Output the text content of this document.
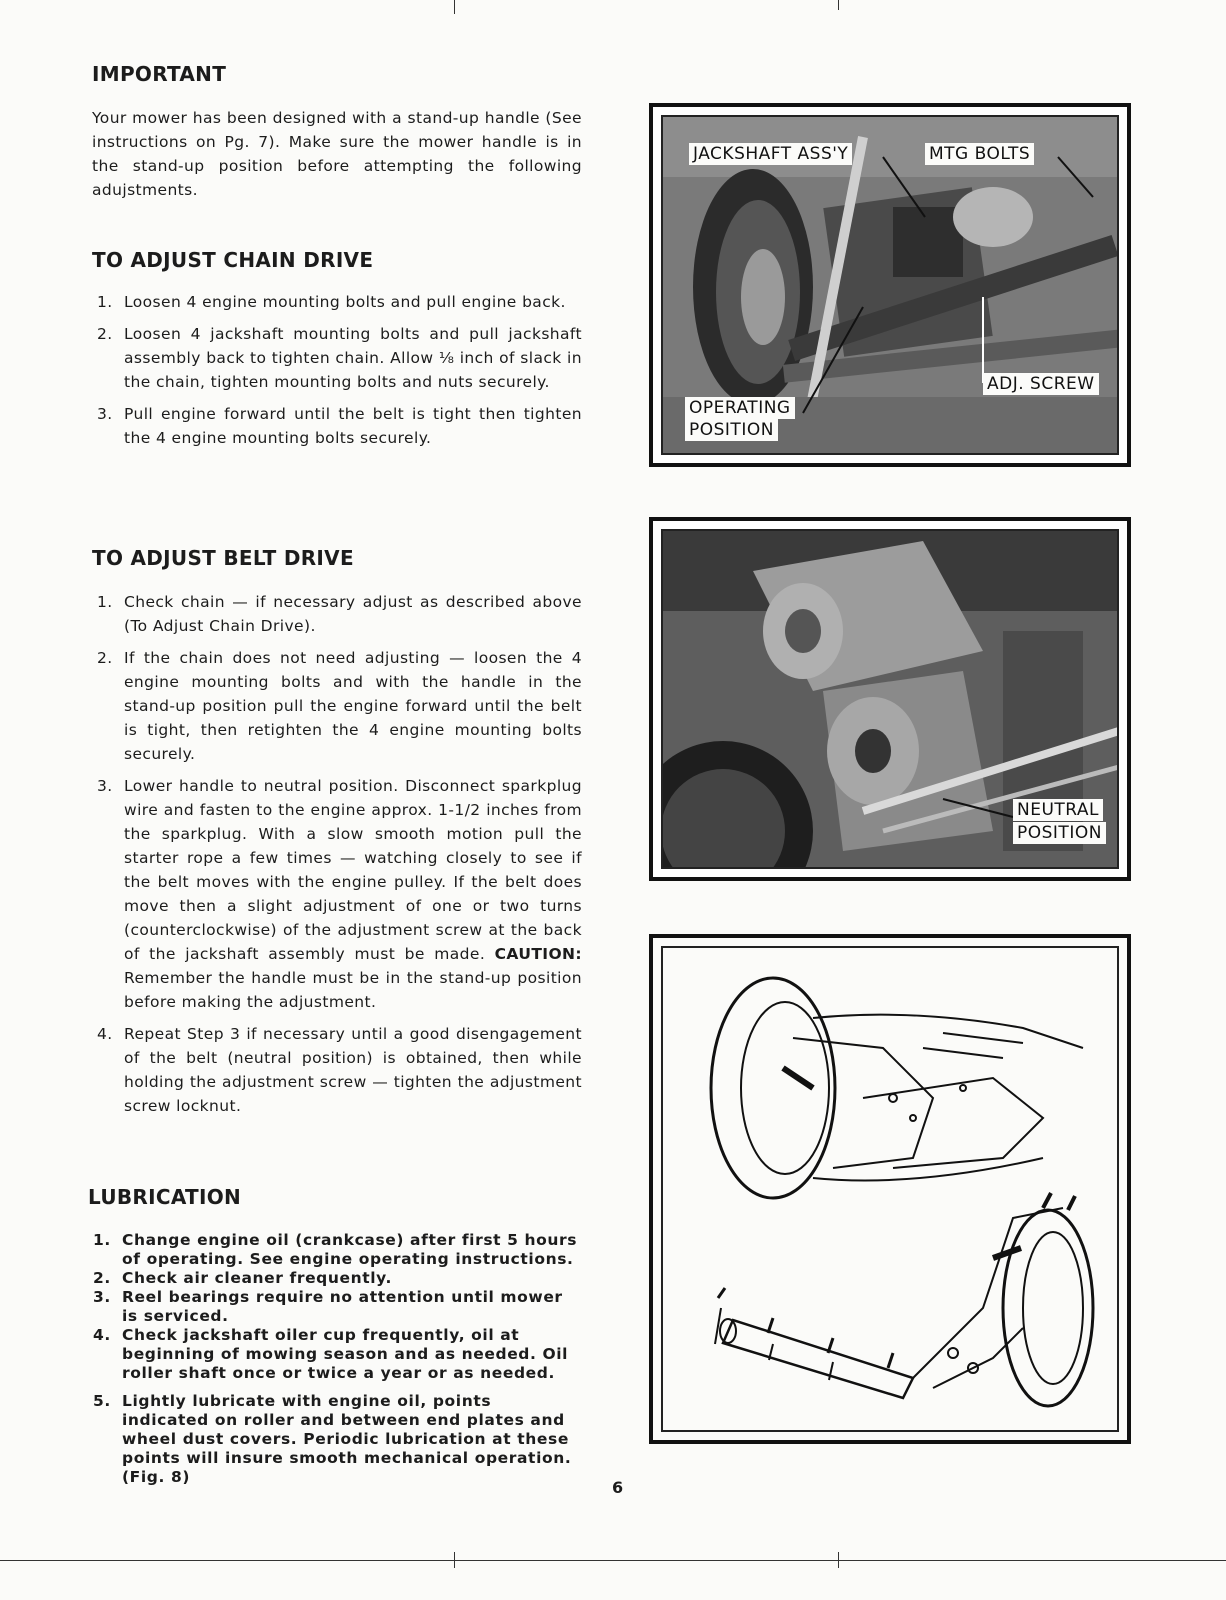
IMPORTANT

Your mower has been designed with a stand-up handle (See instructions on Pg. 7). Make sure the mower handle is in the stand-up position before attempting the following adujstments.

TO ADJUST CHAIN DRIVE
1. Loosen 4 engine mounting bolts and pull engine back.
2. Loosen 4 jackshaft mounting bolts and pull jackshaft assembly back to tighten chain. Allow ⅛ inch of slack in the chain, tighten mounting bolts and nuts securely.
3. Pull engine forward until the belt is tight then tighten the 4 engine mounting bolts securely.
TO ADJUST BELT DRIVE
1. Check chain — if necessary adjust as described above (To Adjust Chain Drive).
2. If the chain does not need adjusting — loosen the 4 engine mounting bolts and with the handle in the stand-up position pull the engine forward until the belt is tight, then retighten the 4 engine mounting bolts securely.
3. Lower handle to neutral position. Disconnect sparkplug wire and fasten to the engine approx. 1-1/2 inches from the sparkplug. With a slow smooth motion pull the starter rope a few times — watching closely to see if the belt moves with the engine pulley. If the belt does move then a slight adjustment of one or two turns (counterclockwise) of the adjustment screw at the back of the jackshaft assembly must be made. CAUTION: Remember the handle must be in the stand-up position before making the adjustment.
4. Repeat Step 3 if necessary until a good disengagement of the belt (neutral position) is obtained, then while holding the adjustment screw — tighten the adjustment screw locknut.
LUBRICATION
1. Change engine oil (crankcase) after first 5 hours of operating. See engine operating instructions.
2. Check air cleaner frequently.
3. Reel bearings require no attention until mower is serviced.
4. Check jackshaft oiler cup frequently, oil at beginning of mowing season and as needed. Oil roller shaft once or twice a year or as needed.
5. Lightly lubricate with engine oil, points indicated on roller and between end plates and wheel dust covers. Periodic lubrication at these points will insure smooth mechanical operation.(Fig. 8)
JACKSHAFT ASS'Y	MTG BOLTS
ADJ. SCREW
OPERATING
POSITION
NEUTRAL
POSITION
6
